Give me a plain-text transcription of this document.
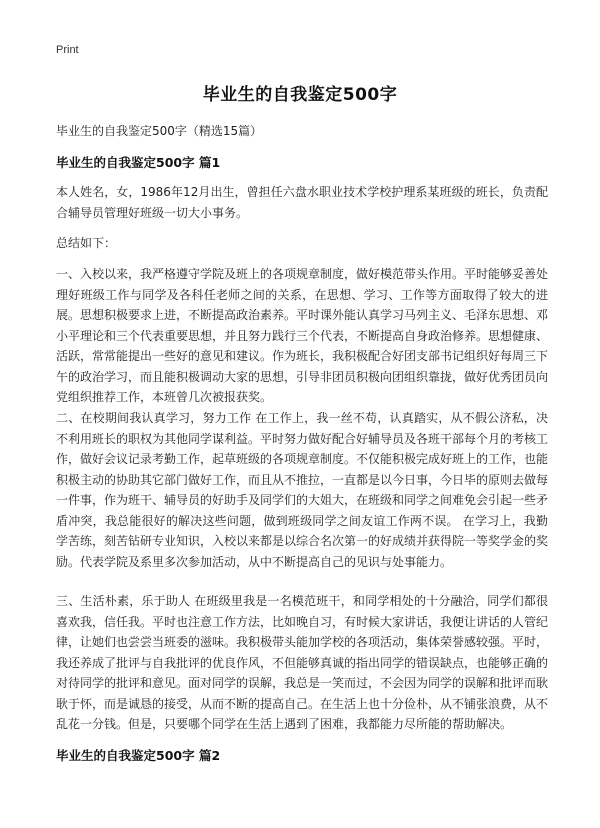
Print
毕业生的自我鉴定500字
毕业生的自我鉴定500字（精选15篇）
毕业生的自我鉴定500字 篇1
本人姓名，女，1986年12月出生，曾担任六盘水职业技术学校护理系某班级的班长，负责配合辅导员管理好班级一切大小事务。
总结如下：
一、入校以来，我严格遵守学院及班上的各项规章制度，做好模范带头作用。平时能够妥善处理好班级工作与同学及各科任老师之间的关系，在思想、学习、工作等方面取得了较大的进展。思想积极要求上进，不断提高政治素养。平时课外能认真学习马列主义、毛泽东思想、邓小平理论和三个代表重要思想，并且努力践行三个代表，不断提高自身政治修养。思想健康、活跃，常常能提出一些好的意见和建议。作为班长，我积极配合好团支部书记组织好每周三下午的政治学习，而且能积极调动大家的思想，引导非团员积极向团组织靠拢，做好优秀团员向党组织推荐工作，本班曾几次被报获奖。
二、在校期间我认真学习，努力工作 在工作上，我一丝不苟，认真踏实，从不假公济私，决不利用班长的职权为其他同学谋利益。平时努力做好配合好辅导员及各班干部每个月的考核工作，做好会议记录考勤工作，起草班级的各项规章制度。不仅能积极完成好班上的工作，也能积极主动的协助其它部门做好工作，而且从不推拉，一直都是以今日事，今日毕的原则去做每一件事，作为班干、辅导员的好助手及同学们的大姐大，在班级和同学之间难免会引起一些矛盾冲突，我总能很好的解决这些问题，做到班级同学之间友谊工作两不误。 在学习上，我勤学苦练，刻苦钻研专业知识，入校以来都是以综合名次第一的好成绩并获得院一等奖学金的奖励。代表学院及系里多次参加活动，从中不断提高自己的见识与处事能力。
三、生活朴素，乐于助人 在班级里我是一名模范班干，和同学相处的十分融洽，同学们都很喜欢我，信任我。平时也注意工作方法，比如晚自习，有时候大家讲话，我便让讲话的人管纪律，让她们也尝尝当班委的滋味。我积极带头能加学校的各项活动，集体荣誉感较强。平时，我还养成了批评与自我批评的优良作风，不但能够真诚的指出同学的错误缺点，也能够正确的对待同学的批评和意见。面对同学的误解，我总是一笑而过，不会因为同学的误解和批评而耿耿于怀，而是诚恳的接受，从而不断的提高自己。在生活上也十分俭朴，从不铺张浪费，从不乱花一分钱。但是，只要哪个同学在生活上遇到了困难，我都能力尽所能的帮助解决。
毕业生的自我鉴定500字 篇2
